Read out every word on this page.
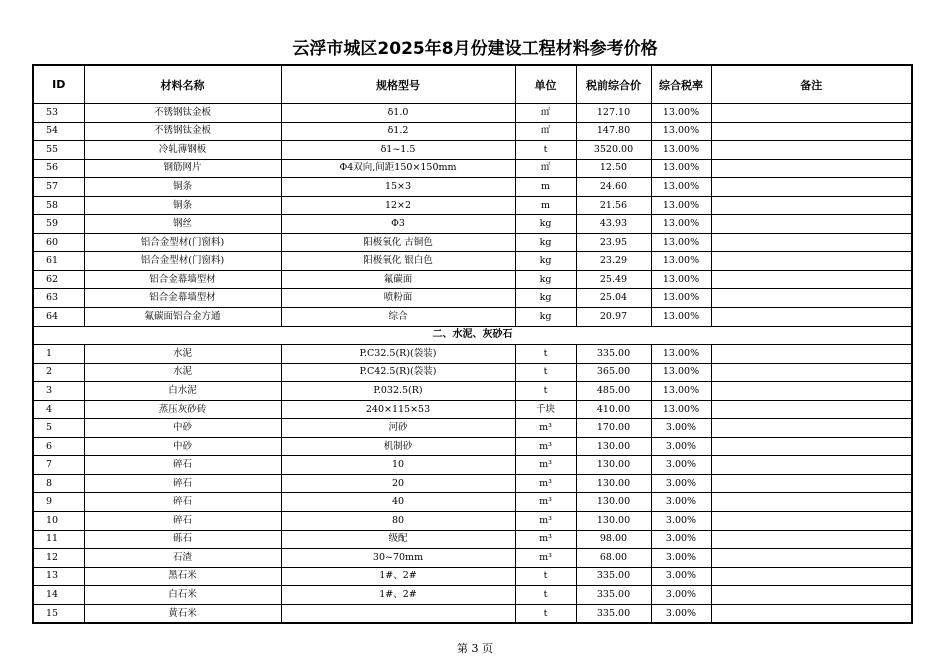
云浮市城区2025年8月份建设工程材料参考价格
ID	材料名称	规格型号	单位	税前综合价	综合税率	备注
53	不锈钢钛金板	δ1.0	㎡	127.10	13.00%	
54	不锈钢钛金板	δ1.2	㎡	147.80	13.00%	
55	冷轧薄钢板	δ1~1.5	t	3520.00	13.00%	
56	钢筋网片	Φ4双向,间距150×150mm	㎡	12.50	13.00%	
57	铜条	15×3	m	24.60	13.00%	
58	铜条	12×2	m	21.56	13.00%	
59	钢丝	Φ3	kg	43.93	13.00%	
60	铝合金型材(门窗料)	阳极氧化 古铜色	kg	23.95	13.00%	
61	铝合金型材(门窗料)	阳极氧化 银白色	kg	23.29	13.00%	
62	铝合金幕墙型材	氟碳面	kg	25.49	13.00%	
63	铝合金幕墙型材	喷粉面	kg	25.04	13.00%	
64	氟碳面铝合金方通	综合	kg	20.97	13.00%	
二、水泥、灰砂石						
1	水泥	P.C32.5(R)(袋装)	t	335.00	13.00%	
2	水泥	P.C42.5(R)(袋装)	t	365.00	13.00%	
3	白水泥	P.032.5(R)	t	485.00	13.00%	
4	蒸压灰砂砖	240×115×53	千块	410.00	13.00%	
5	中砂	河砂	m³	170.00	3.00%	
6	中砂	机制砂	m³	130.00	3.00%	
7	碎石	10	m³	130.00	3.00%	
8	碎石	20	m³	130.00	3.00%	
9	碎石	40	m³	130.00	3.00%	
10	碎石	80	m³	130.00	3.00%	
11	砾石	级配	m³	98.00	3.00%	
12	石渣	30~70mm	m³	68.00	3.00%	
13	黑石米	1#、2#	t	335.00	3.00%	
14	白石米	1#、2#	t	335.00	3.00%	
15	黄石米		t	335.00	3.00%	
第 3 页
